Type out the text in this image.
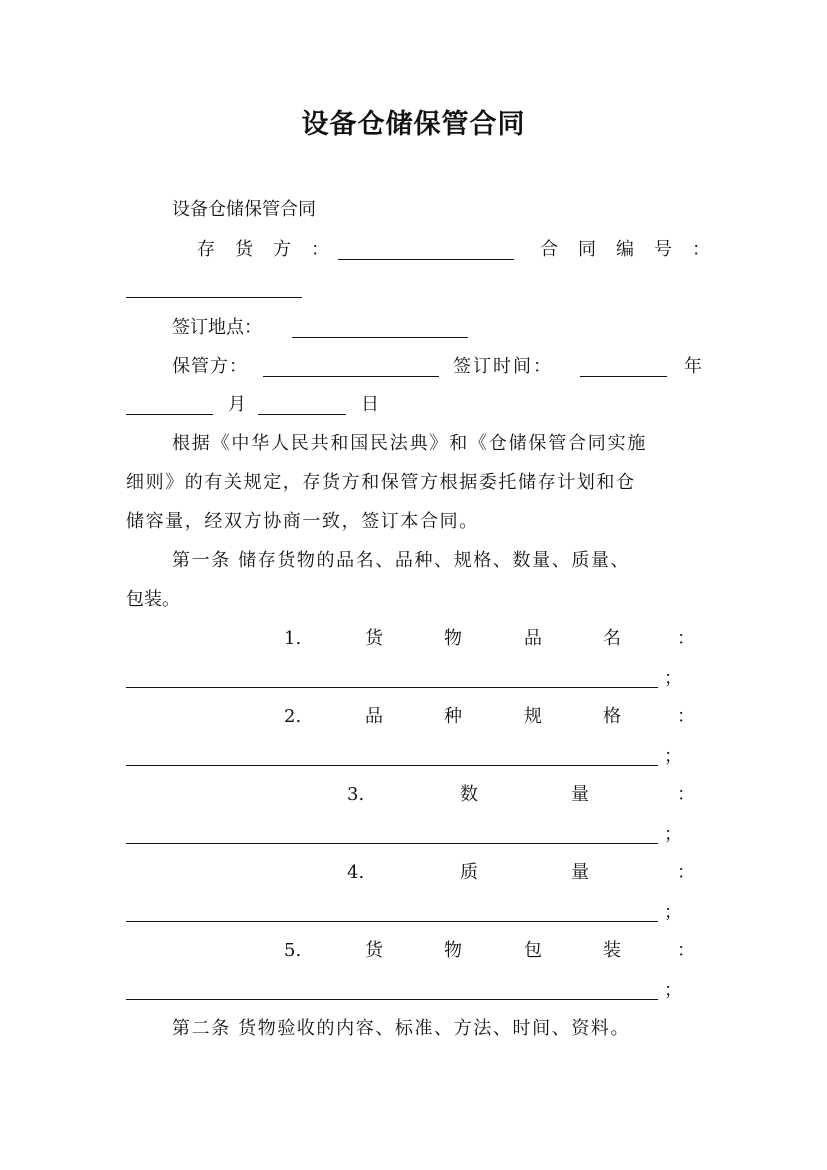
设备仓储保管合同
设备仓储保管合同
存货方：	合同编号：
签订地点：
保管方：	签订时间：	年
月	日
根据《中华人民共和国民法典》和《仓储保管合同实施
细则》的有关规定，存货方和保管方根据委托储存计划和仓
储容量，经双方协商一致，签订本合同。
第一条 储存货物的品名、品种、规格、数量、质量、
包装。
1.	货	物	品	名	：
；
2.	品	种	规	格	：
；
3.	数	量	：
；
4.	质	量	：
；
5.	货	物	包	装	：
；
第二条 货物验收的内容、标准、方法、时间、资料。
